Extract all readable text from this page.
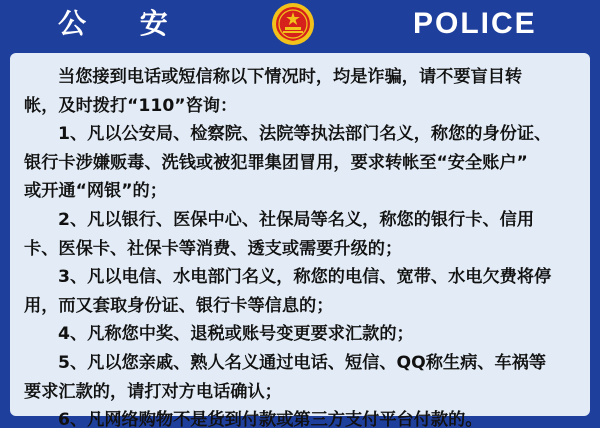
公 安	POLICE

当您接到电话或短信称以下情况时，均是诈骗，请不要盲目转

帐，及时拨打“110”咨询：

1、凡以公安局、检察院、法院等执法部门名义，称您的身份证、

银行卡涉嫌贩毒、洗钱或被犯罪集团冒用，要求转帐至“安全账户”

或开通“网银”的；

2、凡以银行、医保中心、社保局等名义，称您的银行卡、信用

卡、医保卡、社保卡等消费、透支或需要升级的；

3、凡以电信、水电部门名义，称您的电信、宽带、水电欠费将停

用，而又套取身份证、银行卡等信息的；

4、凡称您中奖、退税或账号变更要求汇款的；

5、凡以您亲戚、熟人名义通过电话、短信、QQ称生病、车祸等

要求汇款的，请打对方电话确认；

6、凡网络购物不是货到付款或第三方支付平台付款的。
